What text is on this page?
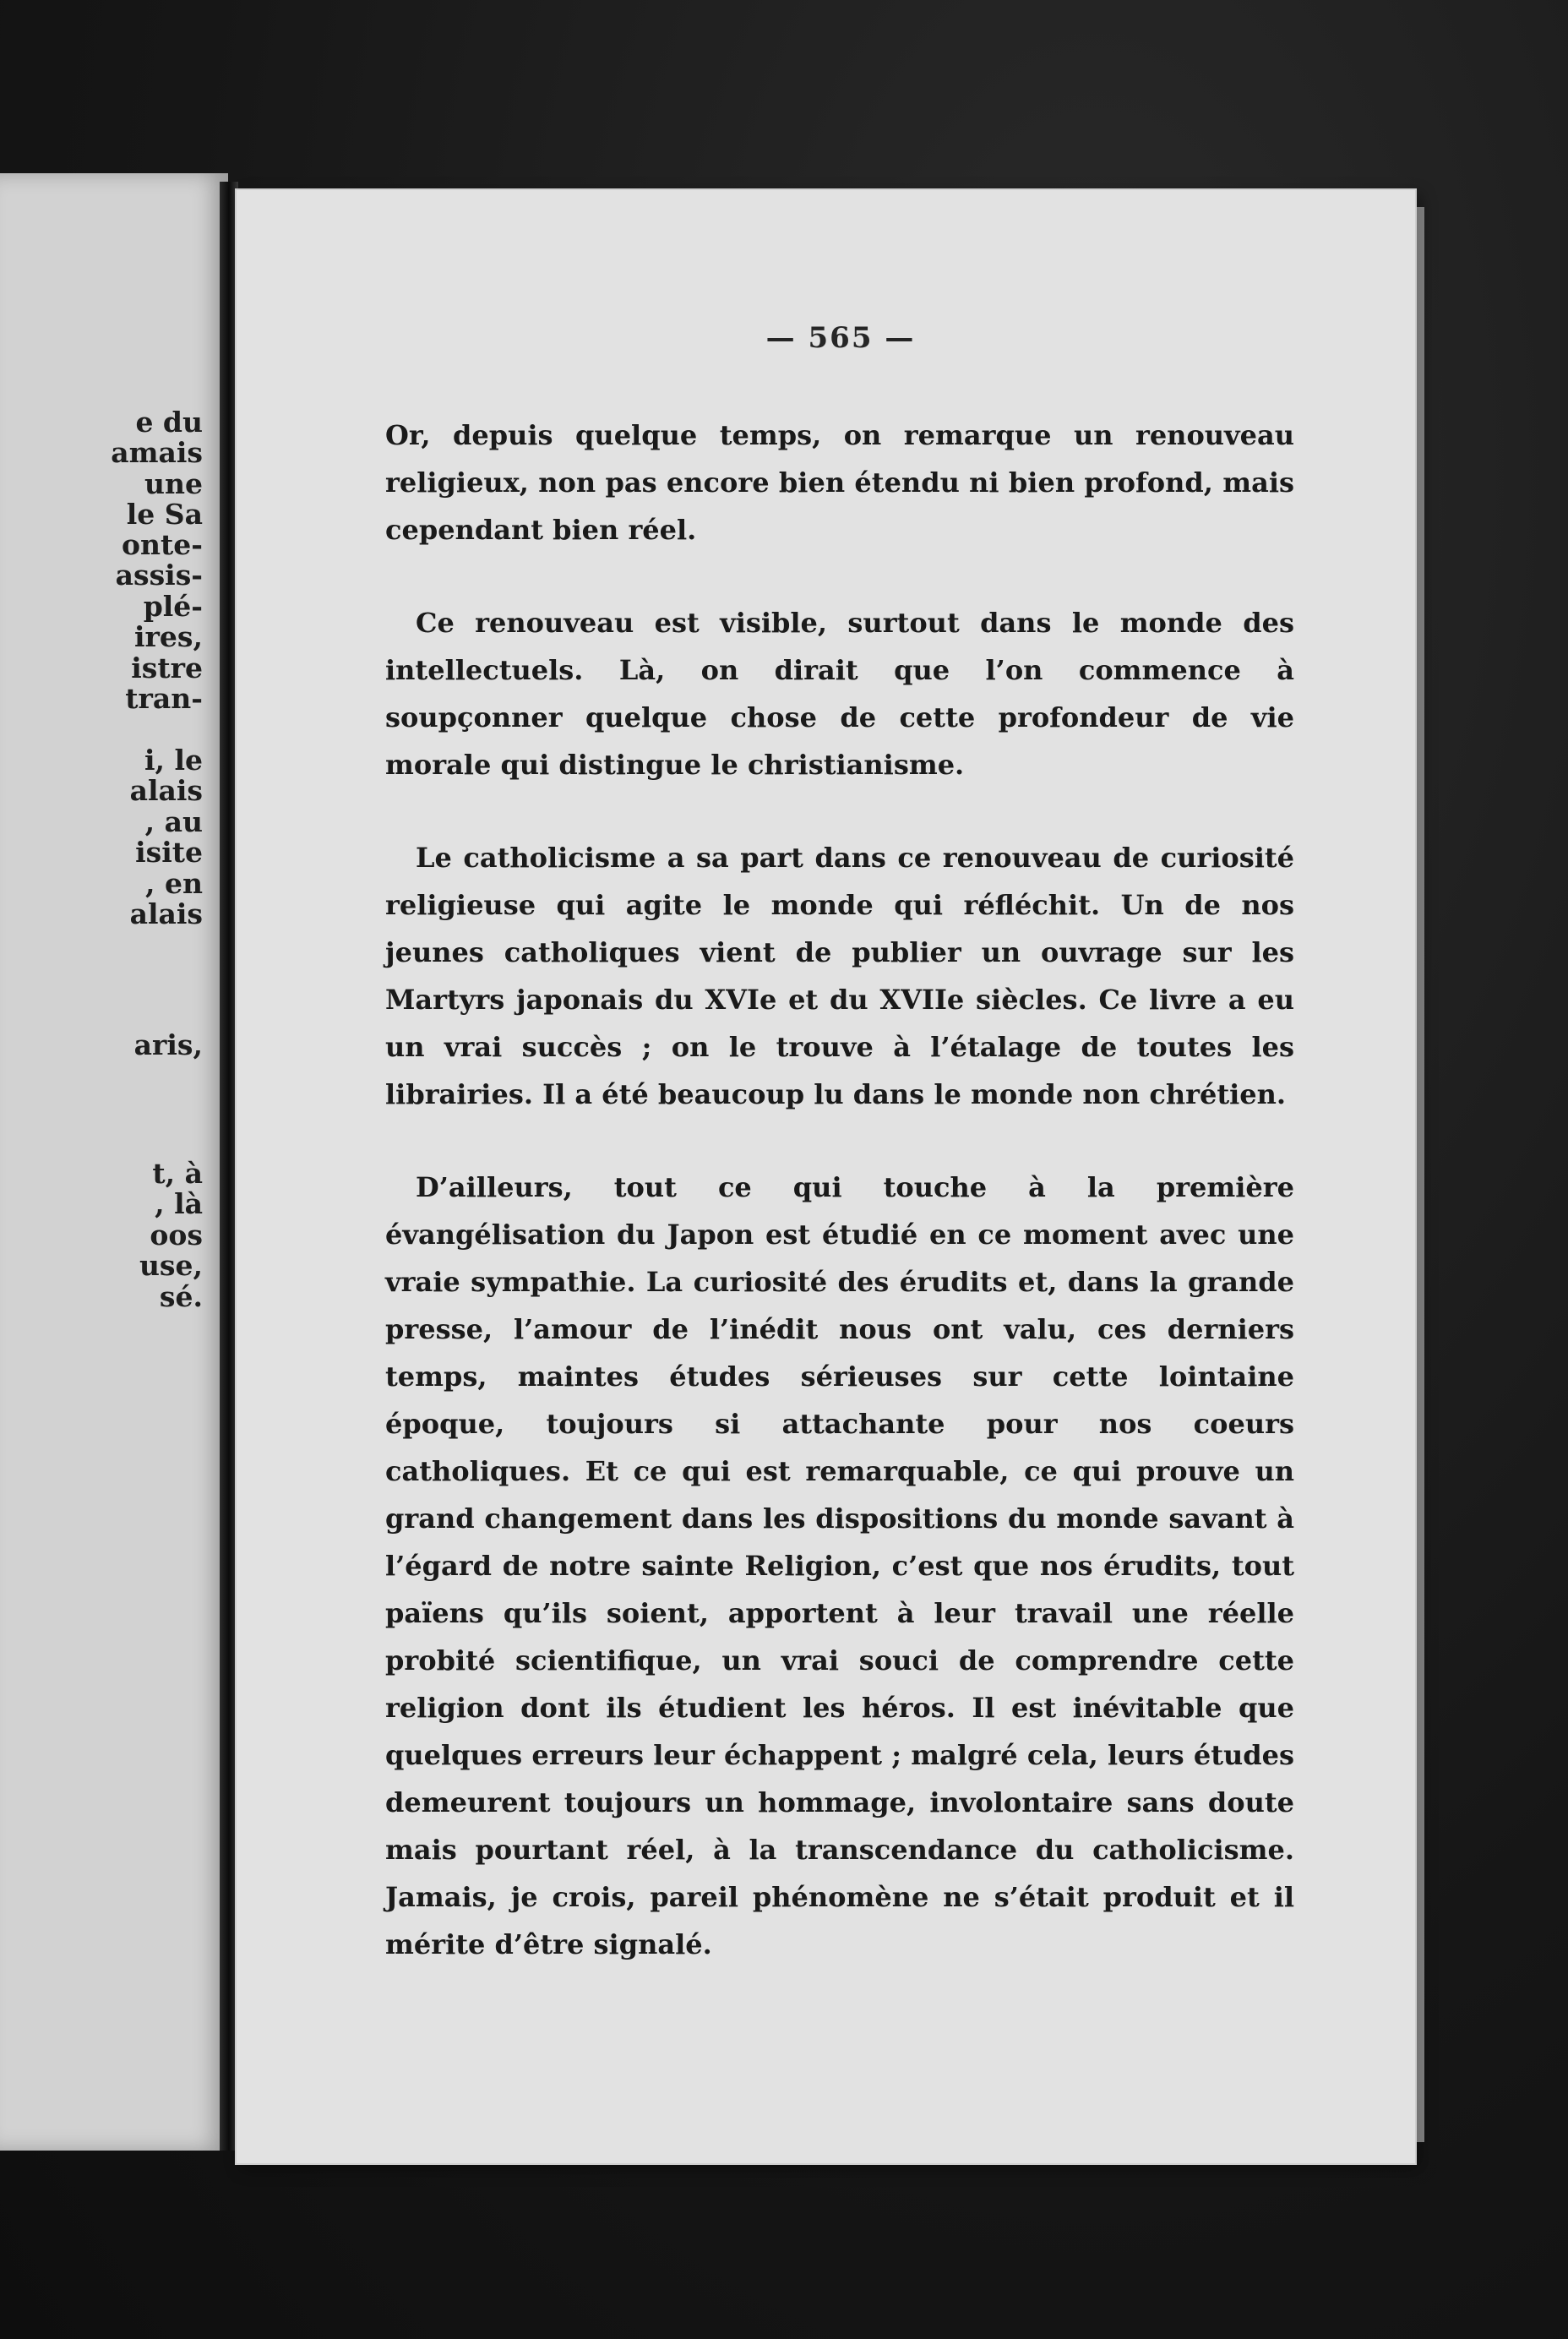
e du
amais
une
le Sa
onte-
assis-
plé-
ires,
istre
tran-
i, le
alais
, au
isite
, en
alais
aris,
t, à
, là
oos
use,
sé.
— 565 —

Or, depuis quelque temps, on remarque un renouveau religieux, non pas encore bien étendu ni bien profond, mais cependant bien réel.

Ce renouveau est visible, surtout dans le monde des intellectuels. Là, on dirait que l’on commence à soupçonner quelque chose de cette profondeur de vie morale qui distingue le christianisme.

Le catholicisme a sa part dans ce renouveau de curiosité religieuse qui agite le monde qui réfléchit. Un de nos jeunes catholiques vient de publier un ouvrage sur les Martyrs japonais du XVIe et du XVIIe siècles. Ce livre a eu un vrai succès ; on le trouve à l’étalage de toutes les librairies. Il a été beaucoup lu dans le monde non chrétien.

D’ailleurs, tout ce qui touche à la première évangélisation du Japon est étudié en ce moment avec une vraie sympathie. La curiosité des érudits et, dans la grande presse, l’amour de l’inédit nous ont valu, ces derniers temps, maintes études sérieuses sur cette lointaine époque, toujours si attachante pour nos coeurs catholiques. Et ce qui est remarquable, ce qui prouve un grand changement dans les dispositions du monde savant à l’égard de notre sainte Religion, c’est que nos érudits, tout païens qu’ils soient, apportent à leur travail une réelle probité scientifique, un vrai souci de comprendre cette religion dont ils étudient les héros. Il est inévitable que quelques erreurs leur échappent ; malgré cela, leurs études demeurent toujours un hommage, involontaire sans doute mais pourtant réel, à la transcendance du catholicisme. Jamais, je crois, pareil phénomène ne s’était produit et il mérite d’être signalé.
